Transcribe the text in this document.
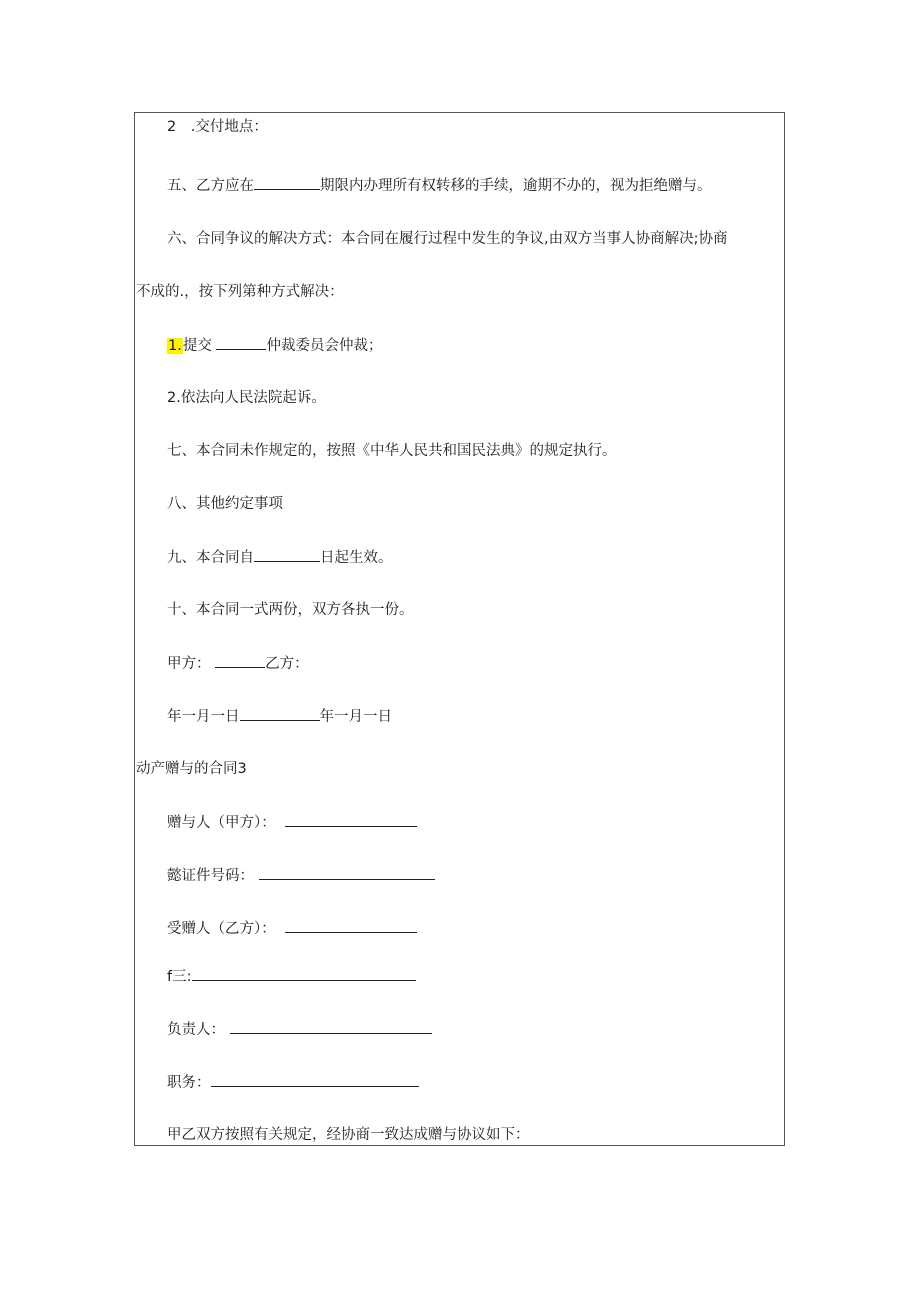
2　.交付地点：
五、乙方应在	期限内办理所有权转移的手续，逾期不办的，视为拒绝赠与。
六、合同争议的解决方式：本合同在履行过程中发生的争议,由双方当事人协商解决;协商
不成的.，按下列第种方式解决：
1.提交	仲裁委员会仲裁；
2.依法向人民法院起诉。
七、本合同未作规定的，按照《中华人民共和国民法典》的规定执行。
八、其他约定事项
九、本合同自	日起生效。
十、本合同一式两份，双方各执一份。
甲方：	乙方：
年一月一日	年一月一日
动产赠与的合同3
赠与人（甲方）：
懿证件号码：
受赠人（乙方）：
f三:
负责人：
职务：
甲乙双方按照有关规定，经协商一致达成赠与协议如下：
